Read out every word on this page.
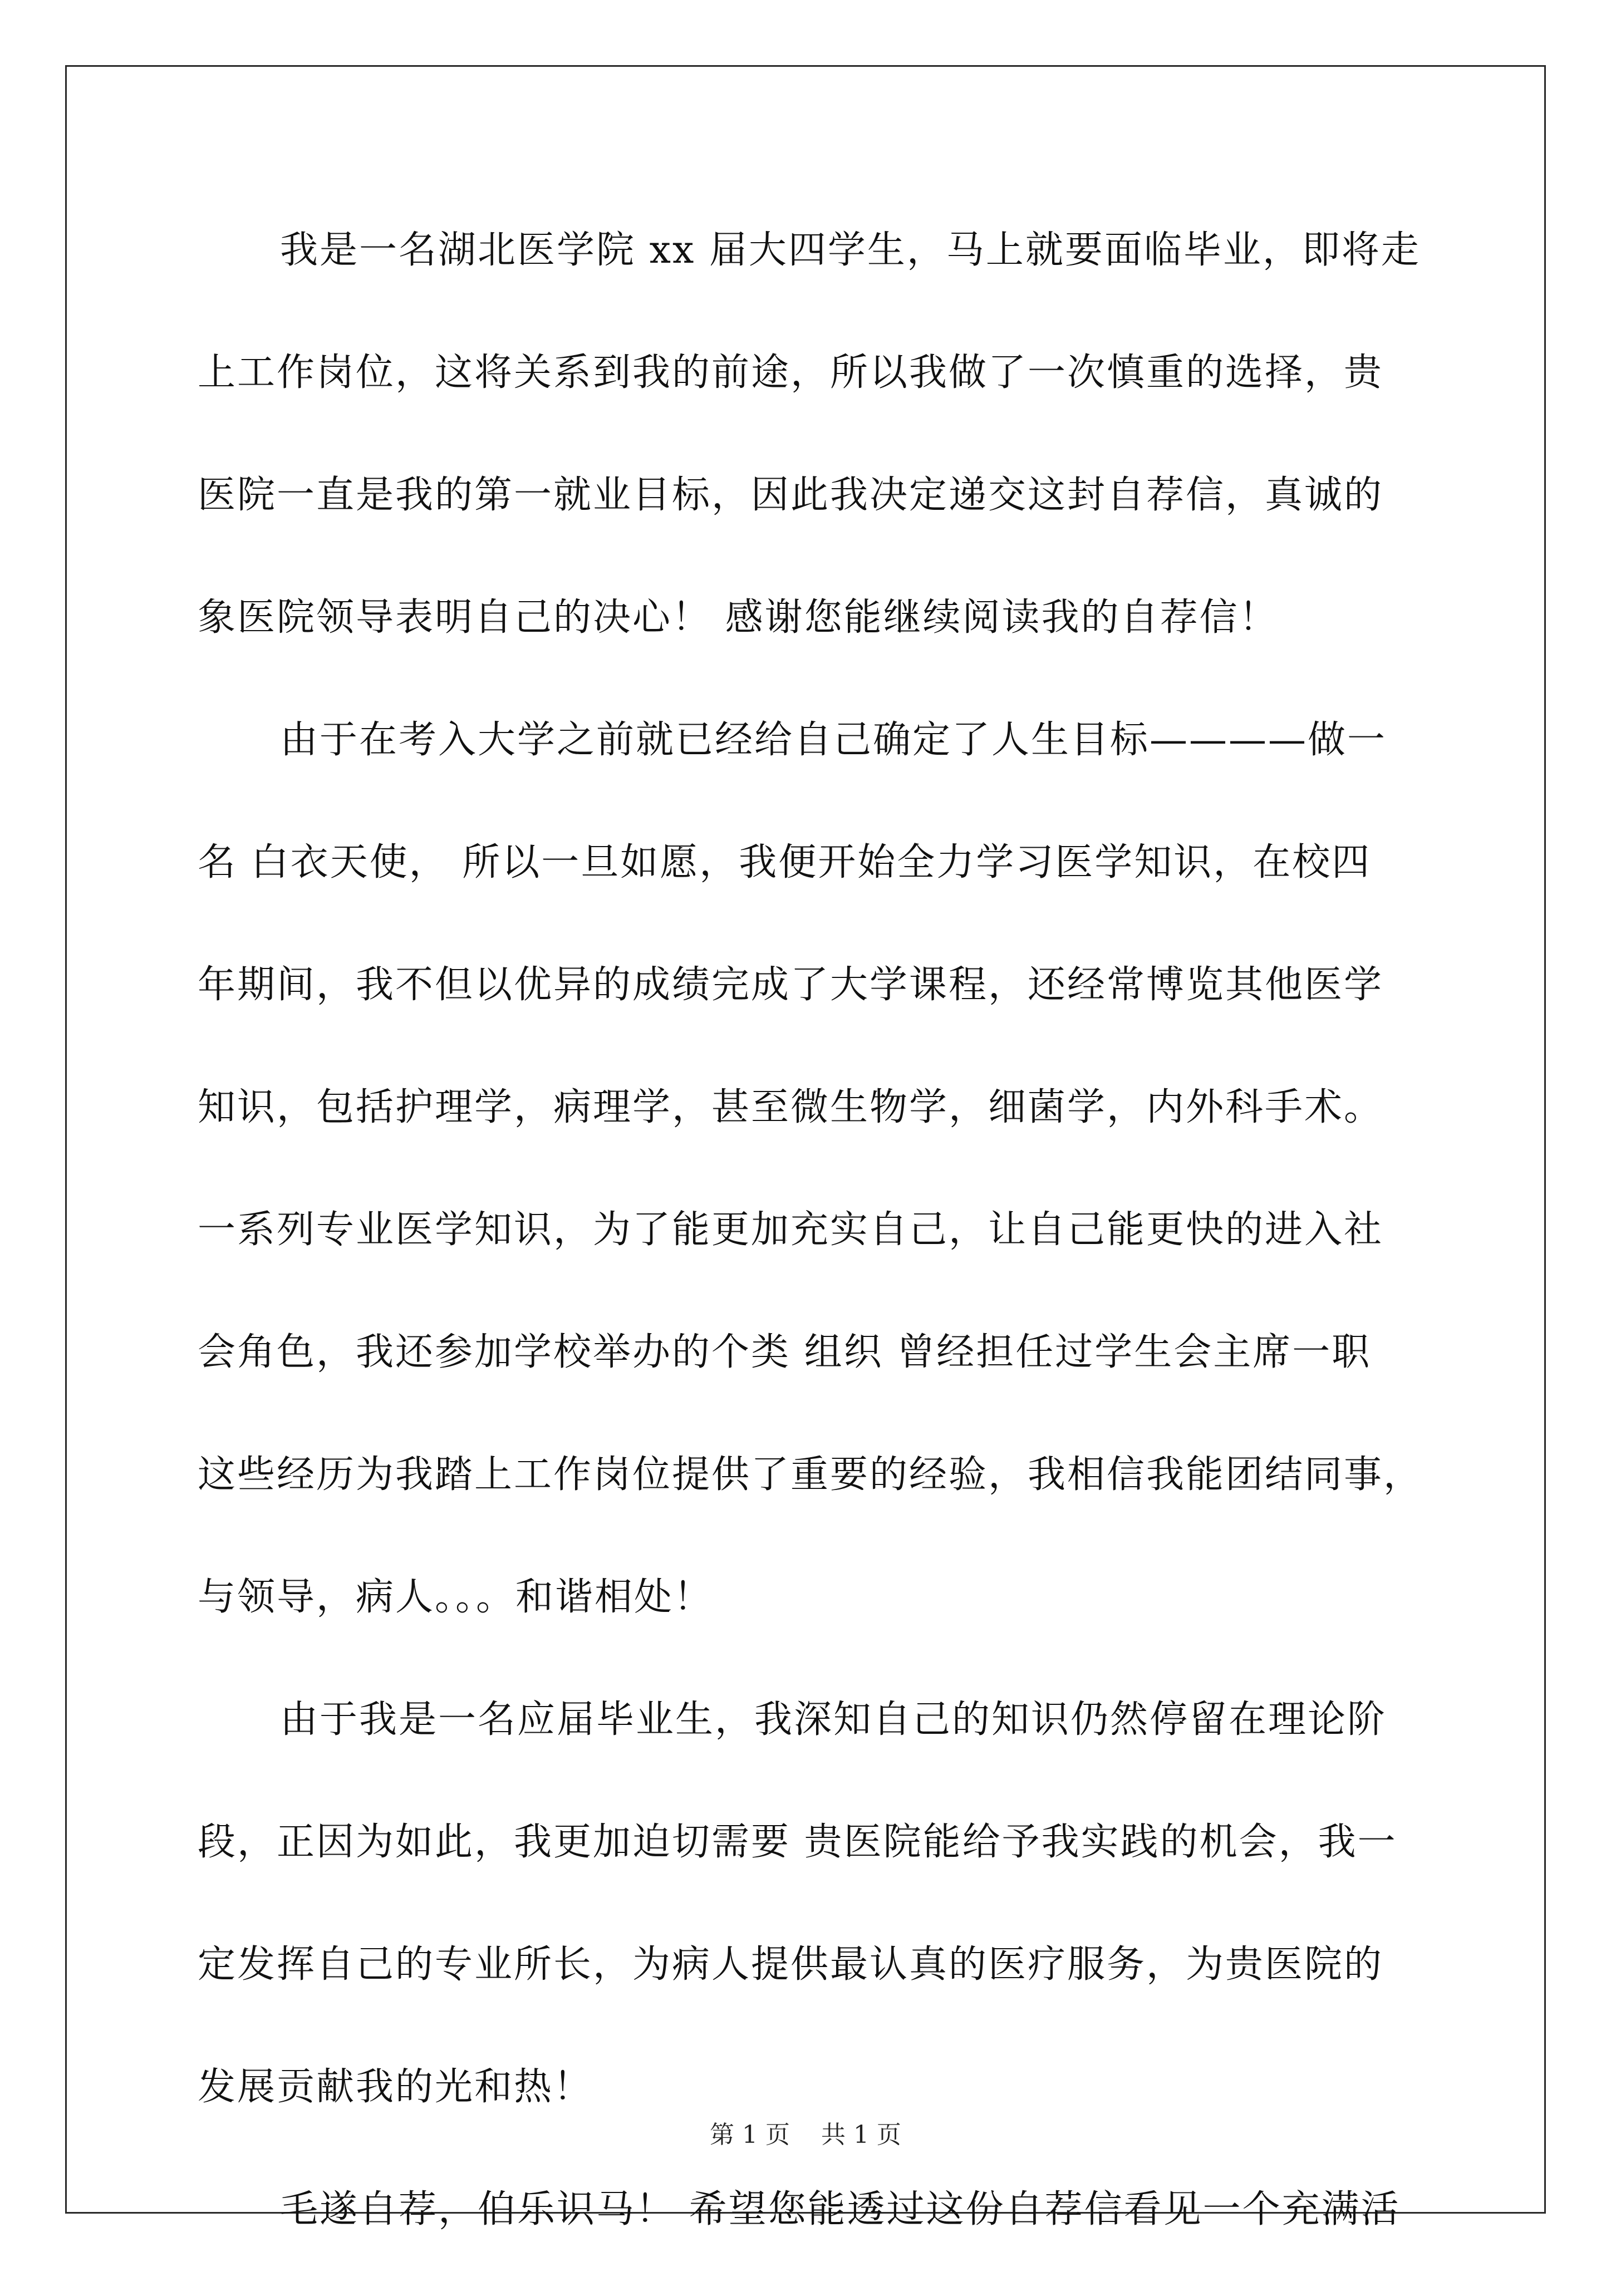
我是一名湖北医学院 xx 届大四学生，马上就要面临毕业，即将走
上工作岗位，这将关系到我的前途，所以我做了一次慎重的选择，贵
医院一直是我的第一就业目标，因此我决定递交这封自荐信，真诚的
象医院领导表明自己的决心！ 感谢您能继续阅读我的自荐信！
由于在考入大学之前就已经给自己确定了人生目标————做一
名 白衣天使， 所以一旦如愿，我便开始全力学习医学知识，在校四
年期间，我不但以优异的成绩完成了大学课程，还经常博览其他医学
知识，包括护理学，病理学，甚至微生物学，细菌学，内外科手术。
一系列专业医学知识，为了能更加充实自己，让自己能更快的进入社
会角色，我还参加学校举办的个类 组织 曾经担任过学生会主席一职
这些经历为我踏上工作岗位提供了重要的经验，我相信我能团结同事，
与领导，病人。。。和谐相处！
由于我是一名应届毕业生，我深知自己的知识仍然停留在理论阶
段，正因为如此，我更加迫切需要 贵医院能给予我实践的机会，我一
定发挥自己的专业所长，为病人提供最认真的医疗服务，为贵医院的
发展贡献我的光和热！
毛遂自荐，伯乐识马！ 希望您能透过这份自荐信看见一个充满活
第 1 页    共 1 页
